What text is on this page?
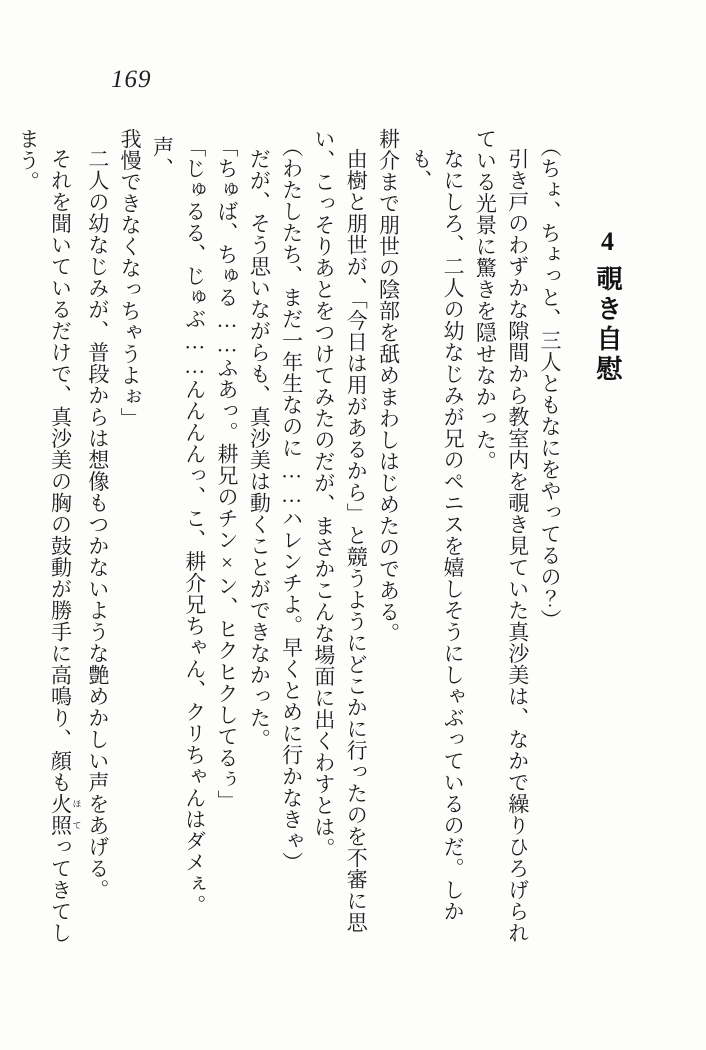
169
4覗き自慰
（ちょ、ちょっと、三人ともなにをやってるの？）
引き戸のわずかな隙間から教室内を覗き見ていた真沙美は、なかで繰りひろげられ
ている光景に驚きを隠せなかった。
なにしろ、二人の幼なじみが兄のペニスを嬉しそうにしゃぶっているのだ。しかも、
耕介まで朋世の陰部を舐めまわしはじめたのである。
由樹と朋世が、「今日は用があるから」と競うようにどこかに行ったのを不審に思
い、こっそりあとをつけてみたのだが、まさかこんな場面に出くわすとは。
（わたしたち、まだ一年生なのに……ハレンチよ。早くとめに行かなきゃ）
だが、そう思いながらも、真沙美は動くことができなかった。
「ちゅば、ちゅる……ふあっ。耕兄のチン×ン、ヒクヒクしてるぅ」
「じゅるる、じゅぶ……んんんんっ、こ、耕介兄ちゃん、クリちゃんはダメぇ。声、
我慢できなくなっちゃうよぉ」
二人の幼なじみが、普段からは想像もつかないような艶めかしい声をあげる。
それを聞いているだけで、真沙美の胸の鼓動が勝手に高鳴り、顔も火照 ほてってきてし
まう。
